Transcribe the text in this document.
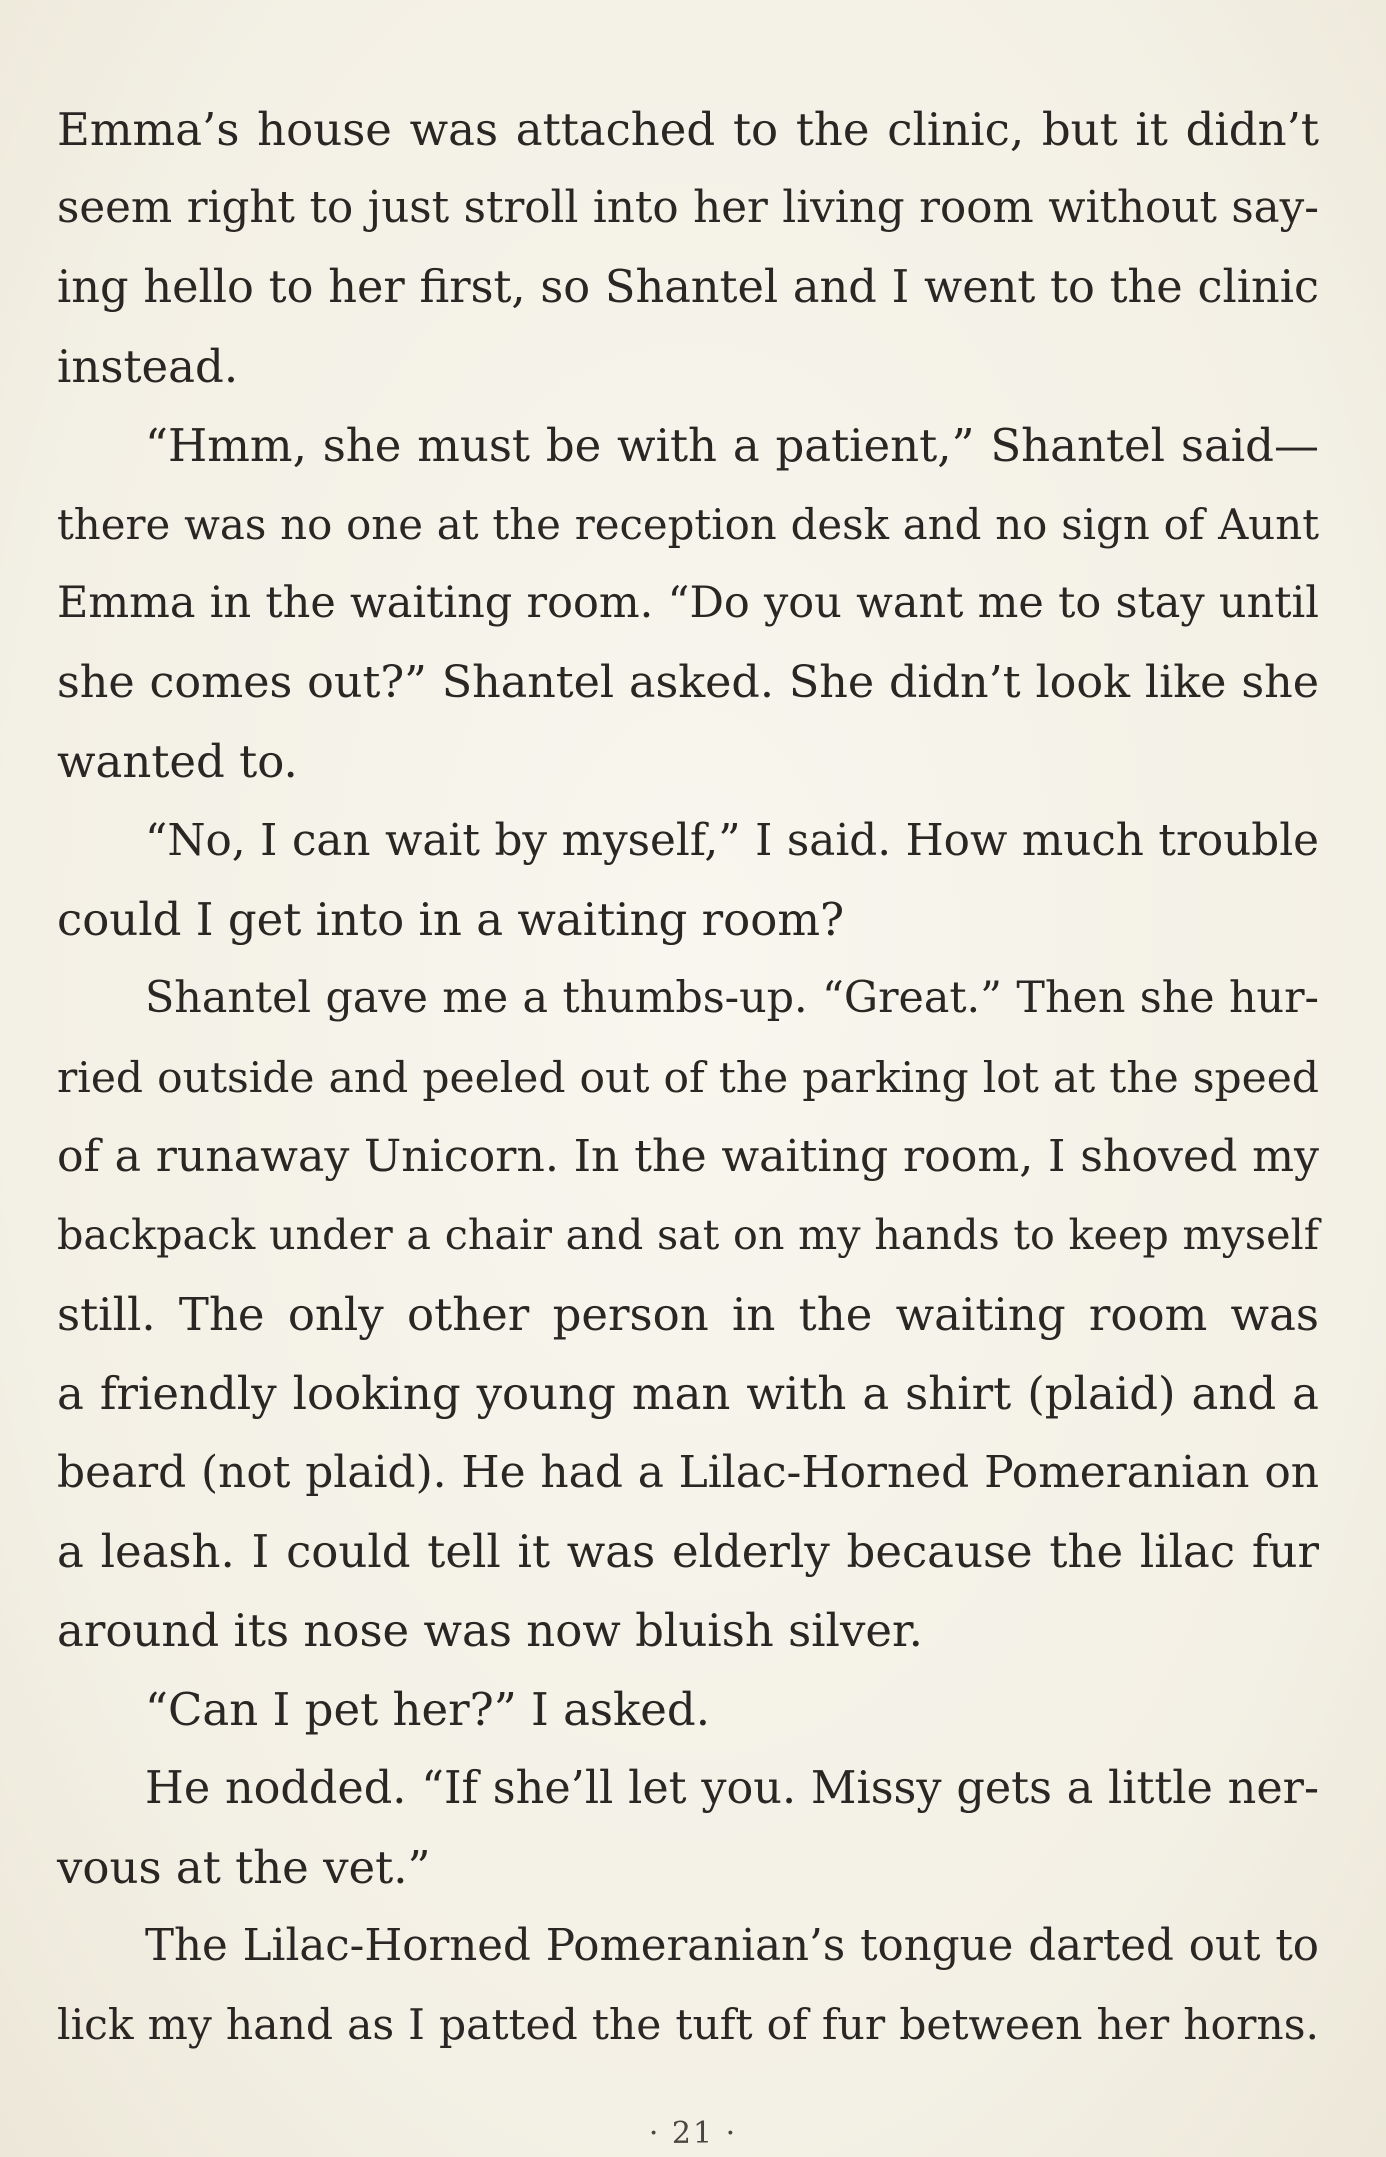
Emma’s house was attached to the clinic, but it didn’t
seem right to just stroll into her living room without say-
ing hello to her first, so Shantel and I went to the clinic
instead.
“Hmm, she must be with a patient,” Shantel said—
there was no one at the reception desk and no sign of Aunt
Emma in the waiting room. “Do you want me to stay until
she comes out?” Shantel asked. She didn’t look like she
wanted to.
“No, I can wait by myself,” I said. How much trouble
could I get into in a waiting room?
Shantel gave me a thumbs-up. “Great.” Then she hur-
ried outside and peeled out of the parking lot at the speed
of a runaway Unicorn. In the waiting room, I shoved my
backpack under a chair and sat on my hands to keep myself
still. The only other person in the waiting room was
a friendly looking young man with a shirt (plaid) and a
beard (not plaid). He had a Lilac-Horned Pomeranian on
a leash. I could tell it was elderly because the lilac fur
around its nose was now bluish silver.
“Can I pet her?” I asked.
He nodded. “If she’ll let you. Missy gets a little ner-
vous at the vet.”
The Lilac-Horned Pomeranian’s tongue darted out to
lick my hand as I patted the tuft of fur between her horns.
· 21 ·
